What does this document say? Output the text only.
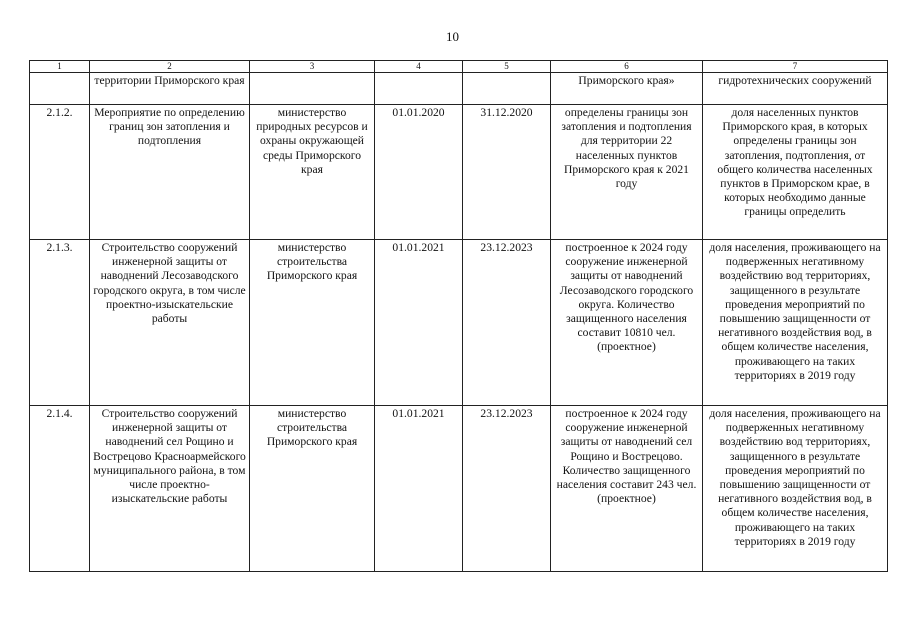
10
1	2	3	4	5	6	7
	территории Приморского края				Приморского края»	гидротехнических сооружений
2.1.2.	Мероприятие по определению границ зон затопления и подтопления	министерство природных ресурсов и охраны окружающей среды Приморского края	01.01.2020	31.12.2020	определены границы зон затопления и подтопления для территории 22 населенных пунктов Приморского края к 2021 году	доля населенных пунктов Приморского края, в которых определены границы зон затопления, подтопления, от общего количества населенных пунктов в Приморском крае, в которых необходимо данные границы определить
2.1.3.	Строительство сооружений инженерной защиты от наводнений Лесозаводского городского округа, в том числе проектно-изыскательские работы	министерство строительства Приморского края	01.01.2021	23.12.2023	построенное к 2024 году сооружение инженерной защиты от наводнений Лесозаводского городского округа. Количество защищенного населения составит 10810 чел. (проектное)	доля населения, проживающего на подверженных негативному воздействию вод территориях, защищенного в результате проведения мероприятий по повышению защищенности от негативного воздействия вод, в общем количестве населения, проживающего на таких территориях в 2019 году
2.1.4.	Строительство сооружений инженерной защиты от наводнений сел Рощино и Вострецово Красноармейского муниципального района, в том числе проектно-изыскательские работы	министерство строительства Приморского края	01.01.2021	23.12.2023	построенное к 2024 году сооружение инженерной защиты от наводнений сел Рощино и Вострецово. Количество защищенного населения составит 243 чел. (проектное)	доля населения, проживающего на подверженных негативному воздействию вод территориях, защищенного в результате проведения мероприятий по повышению защищенности от негативного воздействия вод, в общем количестве населения, проживающего на таких территориях в 2019 году
